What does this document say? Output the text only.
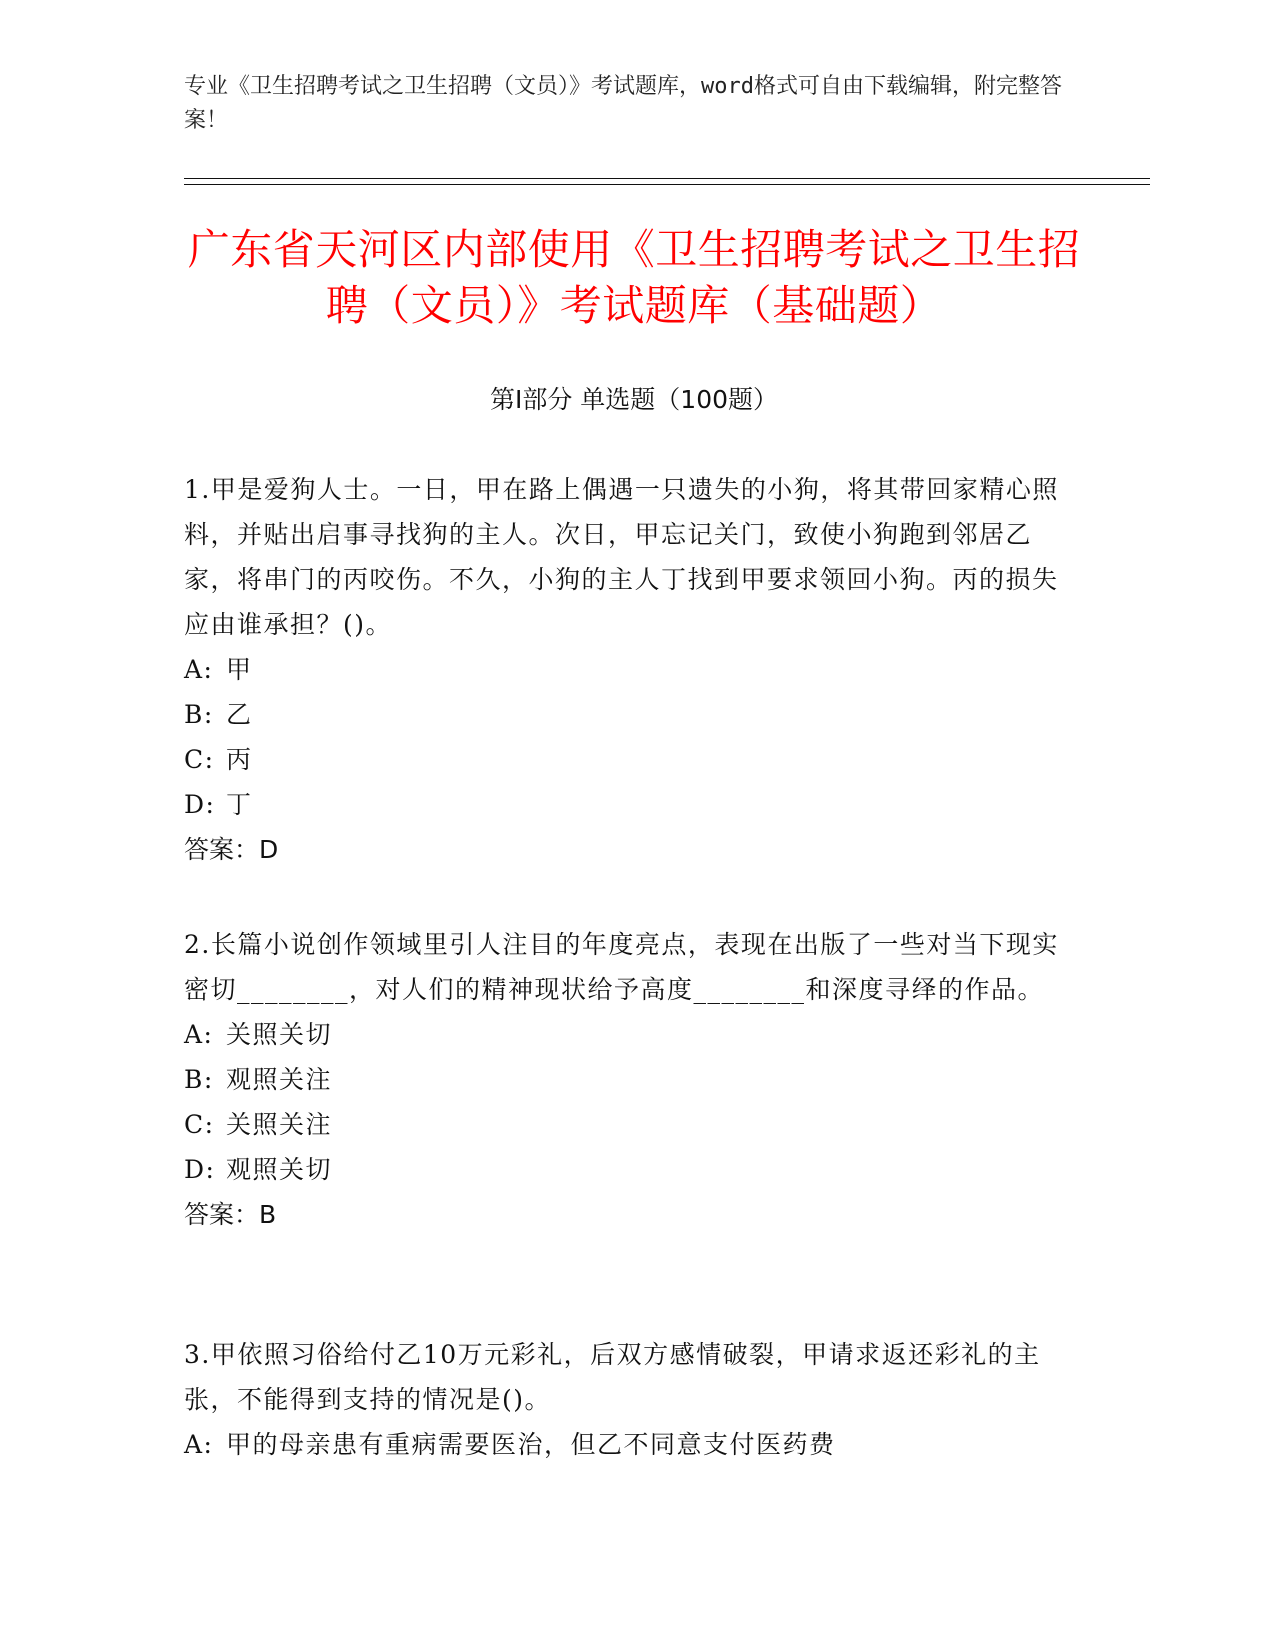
专业《卫生招聘考试之卫生招聘（文员）》考试题库，word格式可自由下载编辑，附完整答案！
广东省天河区内部使用《卫生招聘考试之卫生招聘（文员）》考试题库（基础题）
第Ⅰ部分 单选题（100题）
1.甲是爱狗人士。一日，甲在路上偶遇一只遗失的小狗，将其带回家精心照料，并贴出启事寻找狗的主人。次日，甲忘记关门，致使小狗跑到邻居乙家，将串门的丙咬伤。不久，小狗的主人丁找到甲要求领回小狗。丙的损失应由谁承担？()。
A: 甲
B: 乙
C: 丙
D: 丁
答案：D
2.长篇小说创作领域里引人注目的年度亮点，表现在出版了一些对当下现实密切________，对人们的精神现状给予高度________和深度寻绎的作品。
A: 关照关切
B: 观照关注
C: 关照关注
D: 观照关切
答案：B
3.甲依照习俗给付乙10万元彩礼，后双方感情破裂，甲请求返还彩礼的主张，不能得到支持的情况是()。
A: 甲的母亲患有重病需要医治，但乙不同意支付医药费
